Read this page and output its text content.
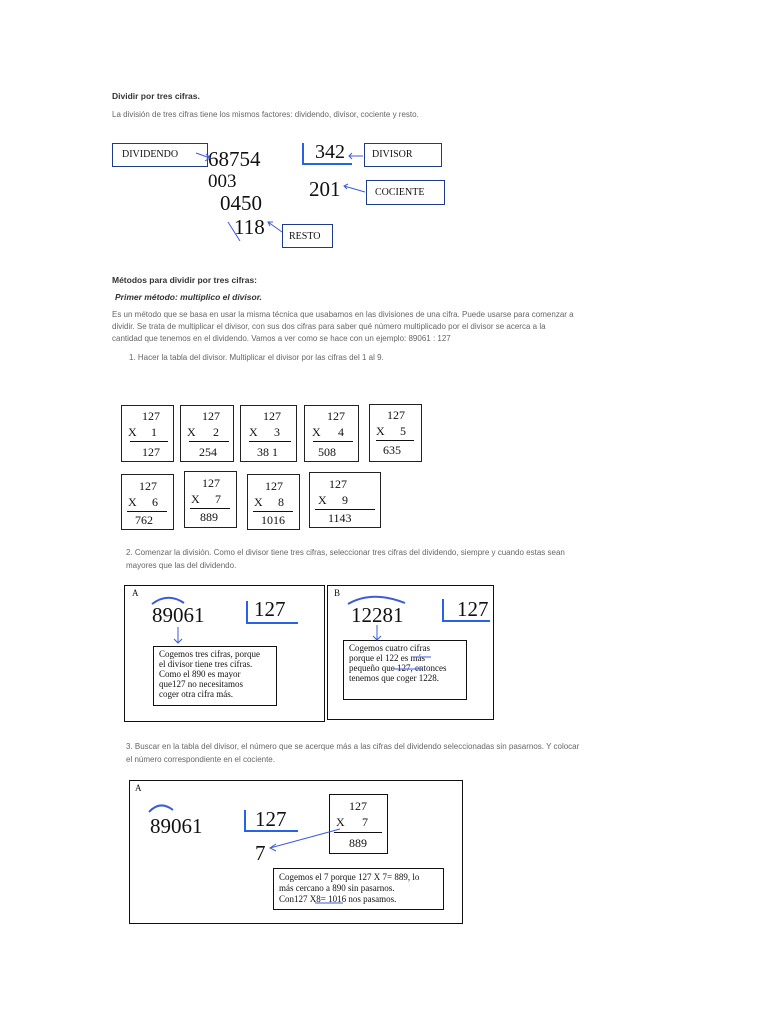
Dividir por tres cifras.
La división de tres cifras tiene los mismos factores: dividendo, divisor, cociente y resto.
DIVIDENDO 68754
003
0450
118
342
201
DIVISOR
COCIENTE
RESTO
Métodos para dividir por tres cifras:
Primer método: multiplico el divisor.
Es un método que se basa en usar la misma técnica que usabamos en las divisiones de una cifra. Puede usarse para comenzar a
dividir. Se trata de multiplicar el divisor, con sus dos cifras para saber qué número multiplicado por el divisor se acerca a la
cantidad que tenemos en el dividendo. Vamos a ver como se hace con un ejemplo: 89061 : 127
1. Hacer la tabla del divisor. Multiplicar el divisor por las cifras del 1 al 9.
127
X 1
127
127
X 2
254
127
X 3
38 1
127
X 4
508
127
X 5
635
127
X 6
762
127
X 7
889
127
X 8
1016
127
X 9
1143
2. Comenzar la división. Como el divisor tiene tres cifras, seleccionar tres cifras del dividendo, siempre y cuando estas sean
mayores que las del dividendo.
A
89061 127
Cogemos tres cifras, porque
el divisor tiene tres cifras.
Como el 890 es mayor
que127 no necesitamos
coger otra cifra más.
B
12281	127
Cogemos cuatro cifras
porque el 122 es más
pequeño que 127, entonces
tenemos que coger 1228.
3. Buscar en la tabla del divisor, el número que se acerque más a las cifras del dividendo seleccionadas sin pasarnos. Y colocar
el número correspondiente en el cociente.
A
89061	127
7
127
X 7
889
Cogemos el 7 porque 127 X 7= 889, lo
más cercano a 890 sin pasarnos.
Con127 X8= 1016 nos pasamos.
